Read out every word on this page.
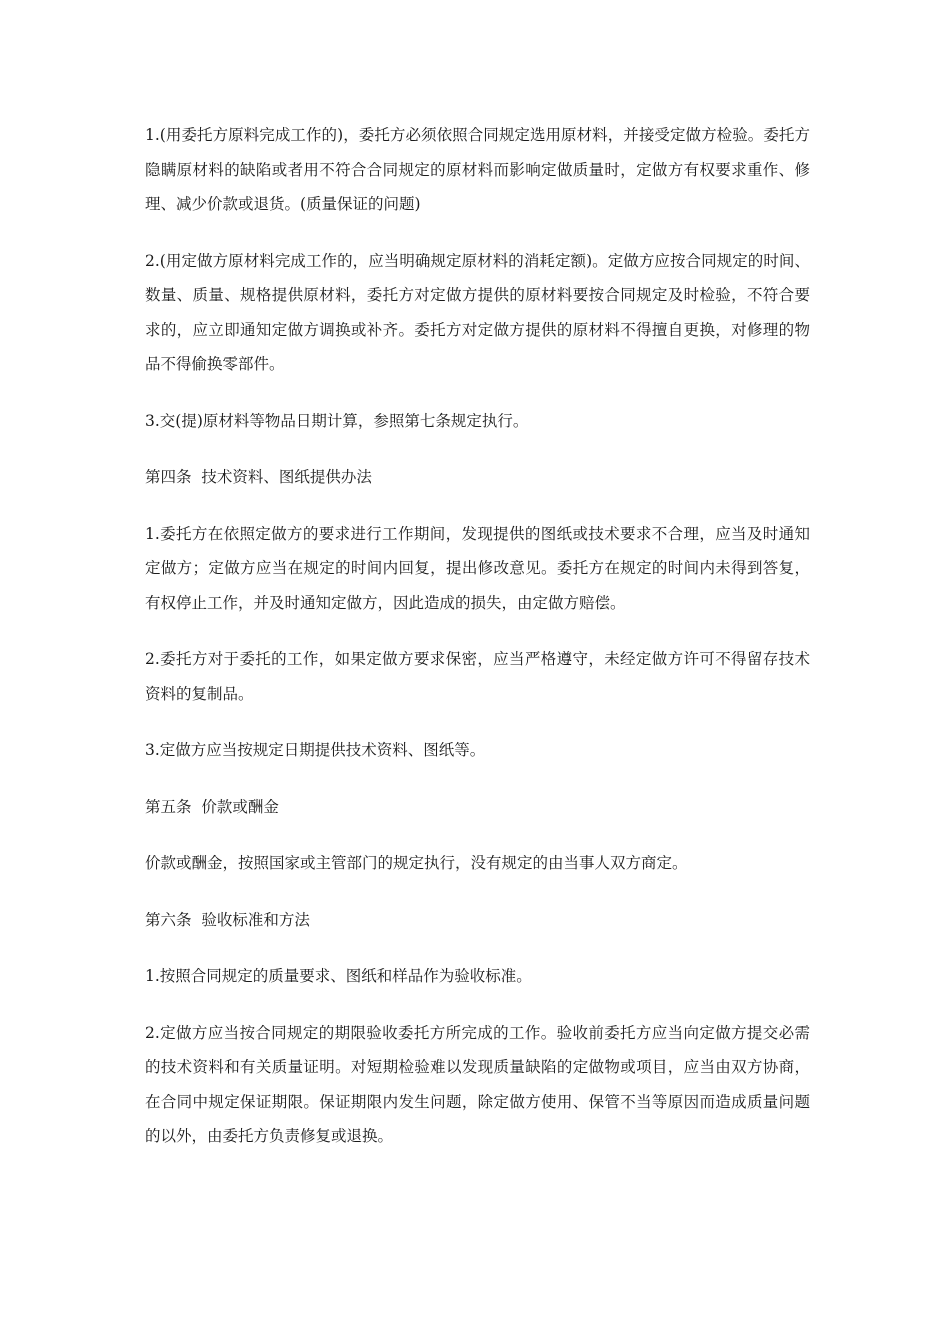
1.(用委托方原料完成工作的)，委托方必须依照合同规定选用原材料，并接受定做方检验。委托方隐瞒原材料的缺陷或者用不符合合同规定的原材料而影响定做质量时，定做方有权要求重作、修理、减少价款或退货。(质量保证的问题)

2.(用定做方原材料完成工作的，应当明确规定原材料的消耗定额)。定做方应按合同规定的时间、数量、质量、规格提供原材料，委托方对定做方提供的原材料要按合同规定及时检验，不符合要求的，应立即通知定做方调换或补齐。委托方对定做方提供的原材料不得擅自更换，对修理的物品不得偷换零部件。

3.交(提)原材料等物品日期计算，参照第七条规定执行。

第四条  技术资料、图纸提供办法

1.委托方在依照定做方的要求进行工作期间，发现提供的图纸或技术要求不合理，应当及时通知定做方；定做方应当在规定的时间内回复，提出修改意见。委托方在规定的时间内未得到答复，有权停止工作，并及时通知定做方，因此造成的损失，由定做方赔偿。

2.委托方对于委托的工作，如果定做方要求保密，应当严格遵守，未经定做方许可不得留存技术资料的复制品。

3.定做方应当按规定日期提供技术资料、图纸等。

第五条  价款或酬金

价款或酬金，按照国家或主管部门的规定执行，没有规定的由当事人双方商定。

第六条  验收标准和方法

1.按照合同规定的质量要求、图纸和样品作为验收标准。

2.定做方应当按合同规定的期限验收委托方所完成的工作。验收前委托方应当向定做方提交必需的技术资料和有关质量证明。对短期检验难以发现质量缺陷的定做物或项目，应当由双方协商，在合同中规定保证期限。保证期限内发生问题，除定做方使用、保管不当等原因而造成质量问题的以外，由委托方负责修复或退换。
